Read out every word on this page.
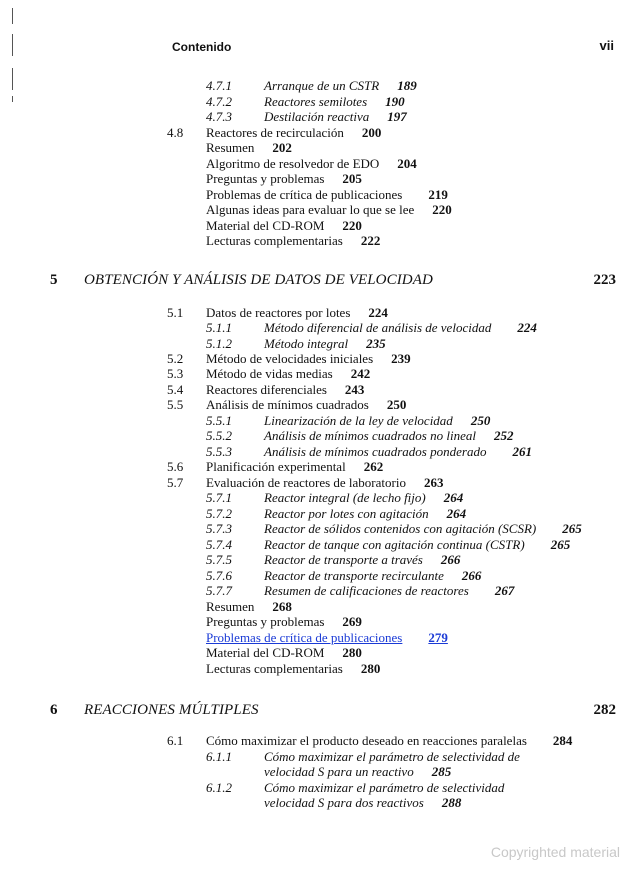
Contenido	vii
4.7.1 Arranque de un CSTR 189
4.7.2 Reactores semilotes 190
4.7.3 Destilación reactiva 197
4.8 Reactores de recirculación 200
Resumen 202
Algoritmo de resolvedor de EDO 204
Preguntas y problemas 205
Problemas de crítica de publicaciones 219
Algunas ideas para evaluar lo que se lee 220
Material del CD-ROM 220
Lecturas complementarias 222
5 OBTENCIÓN Y ANÁLISIS DE DATOS DE VELOCIDAD	223
5.1 Datos de reactores por lotes 224
5.1.1 Método diferencial de análisis de velocidad 224
5.1.2 Método integral 235
5.2 Método de velocidades iniciales 239
5.3 Método de vidas medias 242
5.4 Reactores diferenciales 243
5.5 Análisis de mínimos cuadrados 250
5.5.1 Linearización de la ley de velocidad 250
5.5.2 Análisis de mínimos cuadrados no lineal 252
5.5.3 Análisis de mínimos cuadrados ponderado 261
5.6 Planificación experimental 262
5.7 Evaluación de reactores de laboratorio 263
5.7.1 Reactor integral (de lecho fijo) 264
5.7.2 Reactor por lotes con agitación 264
5.7.3 Reactor de sólidos contenidos con agitación (SCSR) 265
5.7.4 Reactor de tanque con agitación continua (CSTR) 265
5.7.5 Reactor de transporte a través 266
5.7.6 Reactor de transporte recirculante 266
5.7.7 Resumen de calificaciones de reactores 267
Resumen 268
Preguntas y problemas 269
Problemas de crítica de publicaciones 279
Material del CD-ROM 280
Lecturas complementarias 280
6 REACCIONES MÚLTIPLES	282
6.1 Cómo maximizar el producto deseado en reacciones paralelas 284
6.1.1 Cómo maximizar el parámetro de selectividad de
velocidad S para un reactivo 285
6.1.2 Cómo maximizar el parámetro de selectividad
velocidad S para dos reactivos 288
Copyrighted material
